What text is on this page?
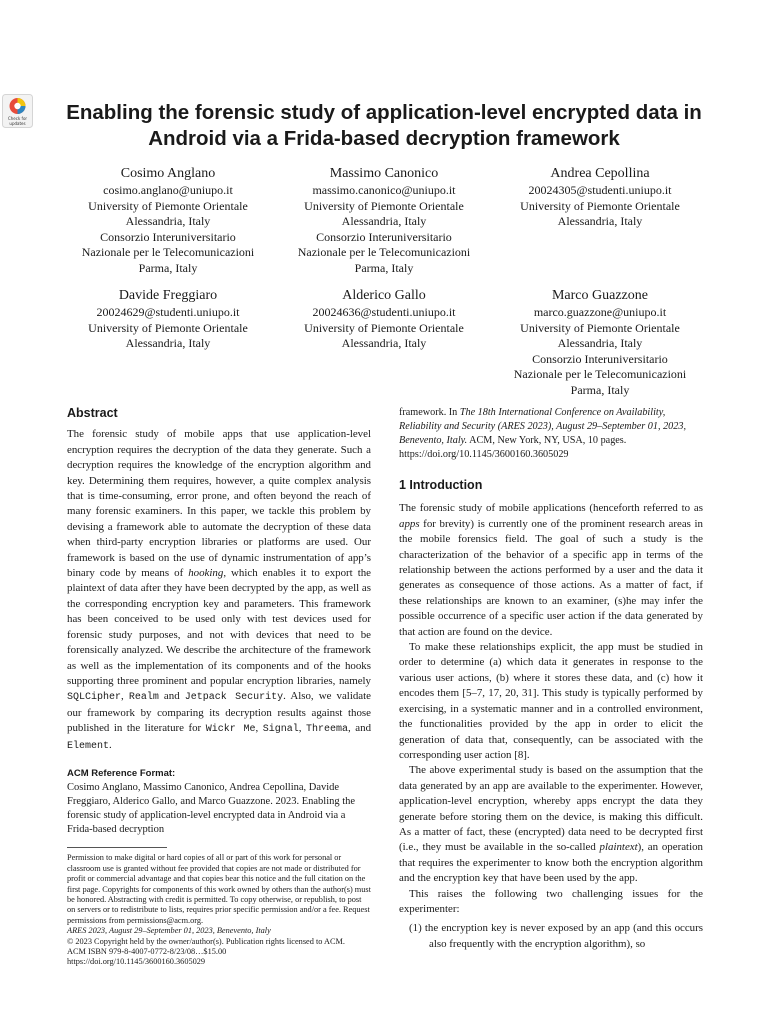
Check for updates	Enabling the forensic study of application-level encrypted data in
Android via a Frida-based decryption framework
Cosimo Anglano
cosimo.anglano@uniupo.it
University of Piemonte Orientale
Alessandria, Italy
Consorzio Interuniversitario
Nazionale per le Telecomunicazioni
Parma, Italy
Massimo Canonico
massimo.canonico@uniupo.it
University of Piemonte Orientale
Alessandria, Italy
Consorzio Interuniversitario
Nazionale per le Telecomunicazioni
Parma, Italy
Andrea Cepollina
20024305@studenti.uniupo.it
University of Piemonte Orientale
Alessandria, Italy
Davide Freggiaro
20024629@studenti.uniupo.it
University of Piemonte Orientale
Alessandria, Italy
Alderico Gallo
20024636@studenti.uniupo.it
University of Piemonte Orientale
Alessandria, Italy
Marco Guazzone
marco.guazzone@uniupo.it
University of Piemonte Orientale
Alessandria, Italy
Consorzio Interuniversitario
Nazionale per le Telecomunicazioni
Parma, Italy
Abstract

The forensic study of mobile apps that use application-level encryption requires the decryption of the data they generate. Such a decryption requires the knowledge of the encryption algorithm and key. Determining them requires, however, a quite complex analysis that is time-consuming, error prone, and often beyond the reach of many forensic examiners. In this paper, we tackle this problem by devising a framework able to automate the decryption of these data when third-party encryption libraries or platforms are used. Our framework is based on the use of dynamic instrumentation of app’s binary code by means of hooking, which enables it to export the plaintext of data after they have been decrypted by the app, as well as the corresponding encryption key and parameters. This framework has been conceived to be used only with test devices used for forensic study purposes, and not with devices that need to be forensically analyzed. We describe the architecture of the framework as well as the implementation of its components and of the hooks supporting three prominent and popular encryption libraries, namely SQLCipher, Realm and Jetpack Security. Also, we validate our framework by comparing its decryption results against those published in the literature for Wickr Me, Signal, Threema, and Element.

ACM Reference Format:
Cosimo Anglano, Massimo Canonico, Andrea Cepollina, Davide Freggiaro, Alderico Gallo, and Marco Guazzone. 2023. Enabling the forensic study of application-level encrypted data in Android via a Frida-based decryption
Permission to make digital or hard copies of all or part of this work for personal or classroom use is granted without fee provided that copies are not made or distributed for profit or commercial advantage and that copies bear this notice and the full citation on the first page. Copyrights for components of this work owned by others than the author(s) must be honored. Abstracting with credit is permitted. To copy otherwise, or republish, to post on servers or to redistribute to lists, requires prior specific permission and/or a fee. Request permissions from permissions@acm.org.
ARES 2023, August 29–September 01, 2023, Benevento, Italy
© 2023 Copyright held by the owner/author(s). Publication rights licensed to ACM.
ACM ISBN 979-8-4007-0772-8/23/08…$15.00
https://doi.org/10.1145/3600160.3605029

framework. In The 18th International Conference on Availability, Reliability and Security (ARES 2023), August 29–September 01, 2023, Benevento, Italy. ACM, New York, NY, USA, 10 pages. https://doi.org/10.1145/3600160.3605029

1 Introduction

The forensic study of mobile applications (henceforth referred to as apps for brevity) is currently one of the prominent research areas in the mobile forensics field. The goal of such a study is the characterization of the behavior of a specific app in terms of the relationship between the actions performed by a user and the data it generates as consequence of those actions. As a matter of fact, if these relationships are known to an examiner, (s)he may infer the possible occurrence of a specific user action if the data generated by that action are found on the device.

To make these relationships explicit, the app must be studied in order to determine (a) which data it generates in response to the various user actions, (b) where it stores these data, and (c) how it encodes them [5–7, 17, 20, 31]. This study is typically performed by exercising, in a systematic manner and in a controlled environment, the functionalities provided by the app in order to elicit the generation of data that, consequently, can be associated with the corresponding user action [8].

The above experimental study is based on the assumption that the data generated by an app are available to the experimenter. However, application-level encryption, whereby apps encrypt the data they generate before storing them on the device, is making this difficult. As a matter of fact, these (encrypted) data need to be decrypted first (i.e., they must be available in the so-called plaintext), an operation that requires the experimenter to know both the encryption algorithm and the encryption key that have been used by the app.

This raises the following two challenging issues for the experimenter:

(1) the encryption key is never exposed by an app (and this occurs also frequently with the encryption algorithm), so
